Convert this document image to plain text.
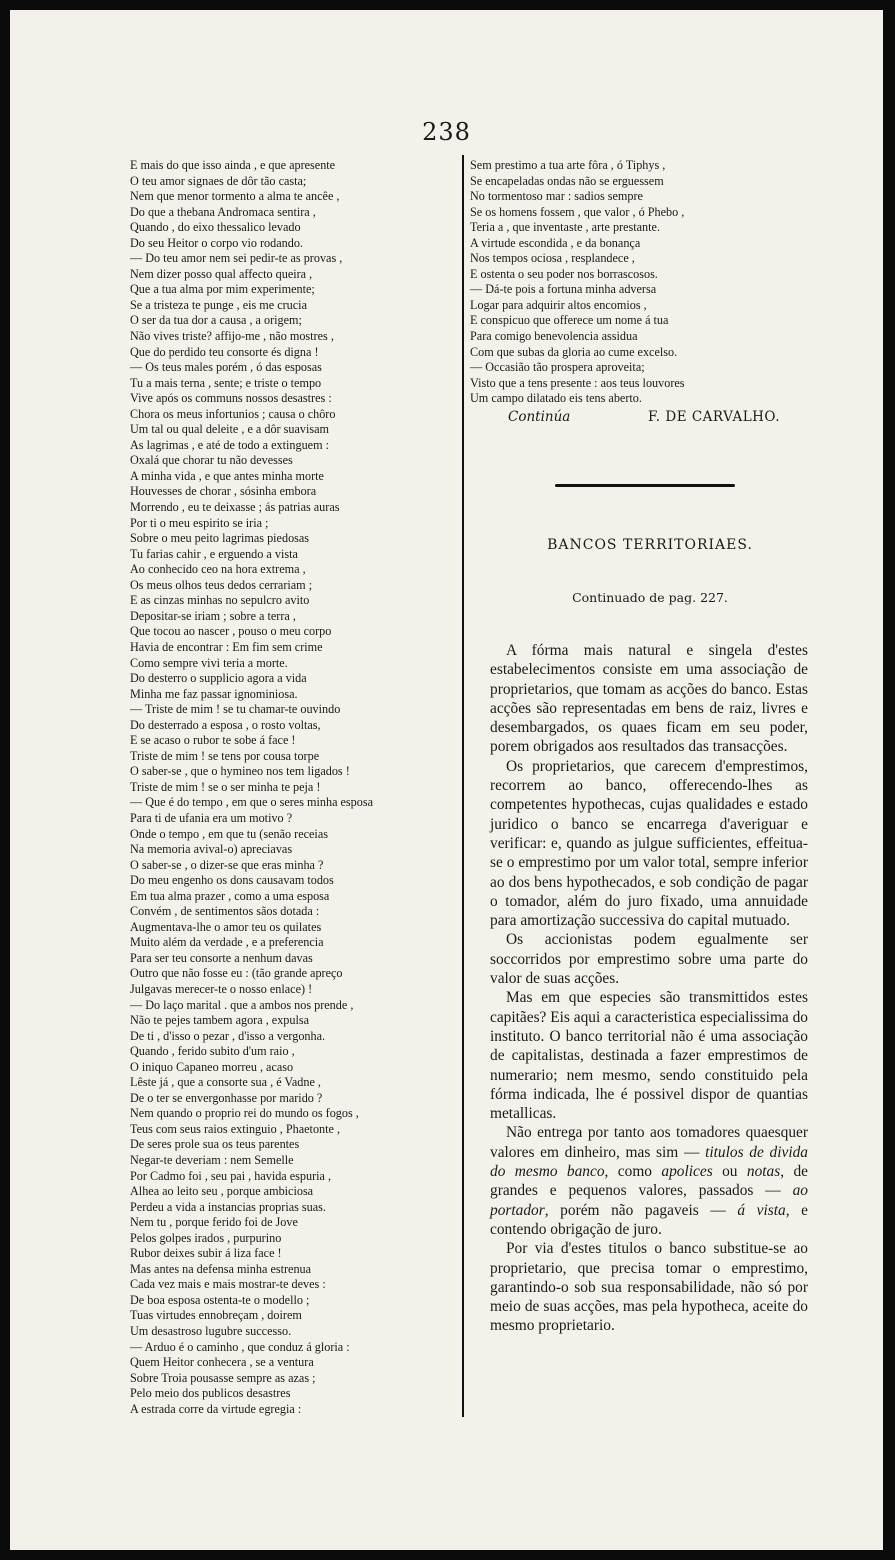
238
E mais do que isso ainda , e que apresente
O teu amor signaes de dôr tão casta;
Nem que menor tormento a alma te ancêe ,
Do que a thebana Andromaca sentira ,
Quando , do eixo thessalico levado
Do seu Heitor o corpo vio rodando.
— Do teu amor nem sei pedir-te as provas ,
Nem dizer posso qual affecto queira ,
Que a tua alma por mim experimente;
Se a tristeza te punge , eis me crucia
O ser da tua dor a causa , a origem;
Não vives triste? affijo-me , não mostres ,
Que do perdido teu consorte és digna !
— Os teus males porém , ó das esposas
Tu a mais terna , sente; e triste o tempo
Vive após os communs nossos desastres :
Chora os meus infortunios ; causa o chôro
Um tal ou qual deleite , e a dôr suavisam
As lagrimas , e até de todo a extinguem :
Oxalá que chorar tu não devesses
A minha vida , e que antes minha morte
Houvesses de chorar , sósinha embora
Morrendo , eu te deixasse ; ás patrias auras
Por ti o meu espirito se iria ;
Sobre o meu peito lagrimas piedosas
Tu farias cahir , e erguendo a vista
Ao conhecido ceo na hora extrema ,
Os meus olhos teus dedos cerrariam ;
E as cinzas minhas no sepulcro avito
Depositar-se iriam ; sobre a terra ,
Que tocou ao nascer , pouso o meu corpo
Havia de encontrar : Em fim sem crime
Como sempre vivi teria a morte.
Do desterro o supplicio agora a vida
Minha me faz passar ignominiosa.
— Triste de mim ! se tu chamar-te ouvindo
Do desterrado a esposa , o rosto voltas,
E se acaso o rubor te sobe á face !
Triste de mim ! se tens por cousa torpe
O saber-se , que o hymineo nos tem ligados !
Triste de mim ! se o ser minha te peja !
— Que é do tempo , em que o seres minha esposa
Para ti de ufania era um motivo ?
Onde o tempo , em que tu (senão receias
Na memoria avival-o) apreciavas
O saber-se , o dizer-se que eras minha ?
Do meu engenho os dons causavam todos
Em tua alma prazer , como a uma esposa
Convém , de sentimentos sãos dotada :
Augmentava-lhe o amor teu os quilates
Muito além da verdade , e a preferencia
Para ser teu consorte a nenhum davas
Outro que não fosse eu : (tão grande apreço
Julgavas merecer-te o nosso enlace) !
— Do laço marital . que a ambos nos prende ,
Não te pejes tambem agora , expulsa
De ti , d'isso o pezar , d'isso a vergonha.
Quando , ferido subito d'um raio ,
O iniquo Capaneo morreu , acaso
Lêste já , que a consorte sua , é Vadne ,
De o ter se envergonhasse por marido ?
Nem quando o proprio rei do mundo os fogos ,
Teus com seus raios extinguio , Phaetonte ,
De seres prole sua os teus parentes
Negar-te deveriam : nem Semelle
Por Cadmo foi , seu pai , havida espuria ,
Alhea ao leito seu , porque ambiciosa
Perdeu a vida a instancias proprias suas.
Nem tu , porque ferido foi de Jove
Pelos golpes irados , purpurino
Rubor deixes subir á liza face !
Mas antes na defensa minha estrenua
Cada vez mais e mais mostrar-te deves :
De boa esposa ostenta-te o modello ;
Tuas virtudes ennobreçam , doirem
Um desastroso lugubre successo.
— Arduo é o caminho , que conduz á gloria :
Quem Heitor conhecera , se a ventura
Sobre Troia pousasse sempre as azas ;
Pelo meio dos publicos desastres
A estrada corre da virtude egregia :
Sem prestimo a tua arte fôra , ó Tiphys ,
Se encapeladas ondas não se erguessem
No tormentoso mar : sadios sempre
Se os homens fossem , que valor , ó Phebo ,
Teria a , que inventaste , arte prestante.
A virtude escondida , e da bonança
Nos tempos ociosa , resplandece ,
E ostenta o seu poder nos borrascosos.
— Dá-te pois a fortuna minha adversa
Logar para adquirir altos encomios ,
E conspicuo que offerece um nome á tua
Para comigo benevolencia assidua
Com que subas da gloria ao cume excelso.
— Occasião tão prospera aproveita;
Visto que a tens presente : aos teus louvores
Um campo dilatado eis tens aberto.
Continúa	F. DE CARVALHO.
BANCOS TERRITORIAES.
Continuado de pag. 227.

A fórma mais natural e singela d'estes estabelecimentos consiste em uma associação de proprietarios, que tomam as acções do banco. Estas acções são representadas em bens de raiz, livres e desembargados, os quaes ficam em seu poder, porem obrigados aos resultados das transacções.

Os proprietarios, que carecem d'emprestimos, recorrem ao banco, offerecendo-lhes as competentes hypothecas, cujas qualidades e estado juridico o banco se encarrega d'averiguar e verificar: e, quando as julgue sufficientes, effeitua-se o emprestimo por um valor total, sempre inferior ao dos bens hypothecados, e sob condição de pagar o tomador, além do juro fixado, uma annuidade para amortização successiva do capital mutuado.

Os accionistas podem egualmente ser soccorridos por emprestimo sobre uma parte do valor de suas acções.

Mas em que especies são transmittidos estes capitães? Eis aqui a caracteristica especialissima do instituto. O banco territorial não é uma associação de capitalistas, destinada a fazer emprestimos de numerario; nem mesmo, sendo constituido pela fórma indicada, lhe é possivel dispor de quantias metallicas.

Não entrega por tanto aos tomadores quaesquer valores em dinheiro, mas sim — titulos de divida do mesmo banco, como apolices ou notas, de grandes e pequenos valores, passados — ao portador, porém não pagaveis — á vista, e contendo obrigação de juro.

Por via d'estes titulos o banco substitue-se ao proprietario, que precisa tomar o emprestimo, garantindo-o sob sua responsabilidade, não só por meio de suas acções, mas pela hypotheca, aceite do mesmo proprietario.
